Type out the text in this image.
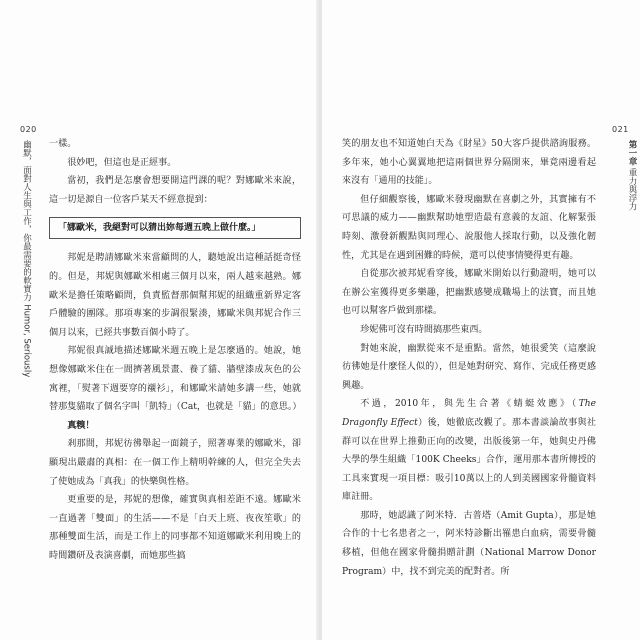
020
幽默，面對人生與工作，你最需要的軟實力 Humor, Seriously 一樣。

很妙吧，但這也是正經事。

當初，我們是怎麼會想要開這門課的呢？對娜歐米來說，這一切是源自一位客戶某天不經意提到：

「娜歐米，我絕對可以猜出妳每週五晚上做什麼。」

邦妮是聘請娜歐米來當顧問的人，聽她說出這種話挺奇怪的。但是，邦妮與娜歐米相處三個月以來，兩人越來越熟。娜歐米是擔任策略顧問，負責監督那個幫邦妮的組織重新界定客戶體驗的團隊。那項專案的步調很緊湊，娜歐米與邦妮合作三個月以來，已經共事數百個小時了。

邦妮很真誠地描述娜歐米週五晚上是怎麼過的。她說，她想像娜歐米住在一間擠著風景畫、養了貓、牆壁漆成灰色的公寓裡，「熨著下週要穿的襯衫」，和娜歐米請她多講一些，她就替那隻貓取了個名字叫「凱特」（Cat，也就是「貓」的意思。）

真糗！

剎那間，邦妮彷彿舉起一面鏡子，照著專業的娜歐米，卻顯現出嚴肅的真相：在一個工作上精明幹練的人，但完全失去了使她成為「真我」的快樂與性格。

更重要的是，邦妮的想像，確實與真相差距不遠。娜歐米一直過著「雙面」的生活——不是「白天上班、夜夜笙歌」的那種雙面生活，而是工作上的同事都不知道娜歐米利用晚上的時間鑽研及表演喜劇，而她那些搞

021
第一章 重力與浮力

笑的朋友也不知道她白天為《財星》50大客戶提供諮詢服務。多年來，她小心翼翼地把這兩個世界分隔開來，畢竟兩邊看起來沒有「通用的技能」。

但仔細觀察後，娜歐米發現幽默在喜劇之外，其實擁有不可思議的威力——幽默幫助她塑造最有意義的友誼、化解緊張時刻、激發新觀點與同理心、說服他人採取行動，以及強化韌性，尤其是在遇到困難的時候，還可以使事情變得更有趣。

自從那次被邦妮看穿後，娜歐米開始以行動證明，她可以在辦公室獲得更多樂趣，把幽默感變成職場上的法寶，而且她也可以幫客戶做到那樣。

珍妮佛可沒有時間搞那些東西。

對她來說，幽默從來不是重點。當然，她很愛笑（這麼說彷彿她是什麼怪人似的），但是她對研究、寫作、完成任務更感興趣。

不過，2010年，與先生合著《蜻蜓效應》（The Dragonfly Effect）後，她徹底改觀了。那本書談論故事與社群可以在世界上推動正向的改變，出版後第一年，她與史丹佛大學的學生組織「100K Cheeks」合作，運用那本書所傳授的工具來實現一項目標：吸引10萬以上的人到美國國家骨髓資料庫註冊。

那時，她認識了阿米特．古普塔（Amit Gupta），那是她合作的十七名患者之一，阿米特診斷出罹患白血病，需要骨髓移植，但他在國家骨髓捐贈計劃（National Marrow Donor Program）中，找不到完美的配對者。所
